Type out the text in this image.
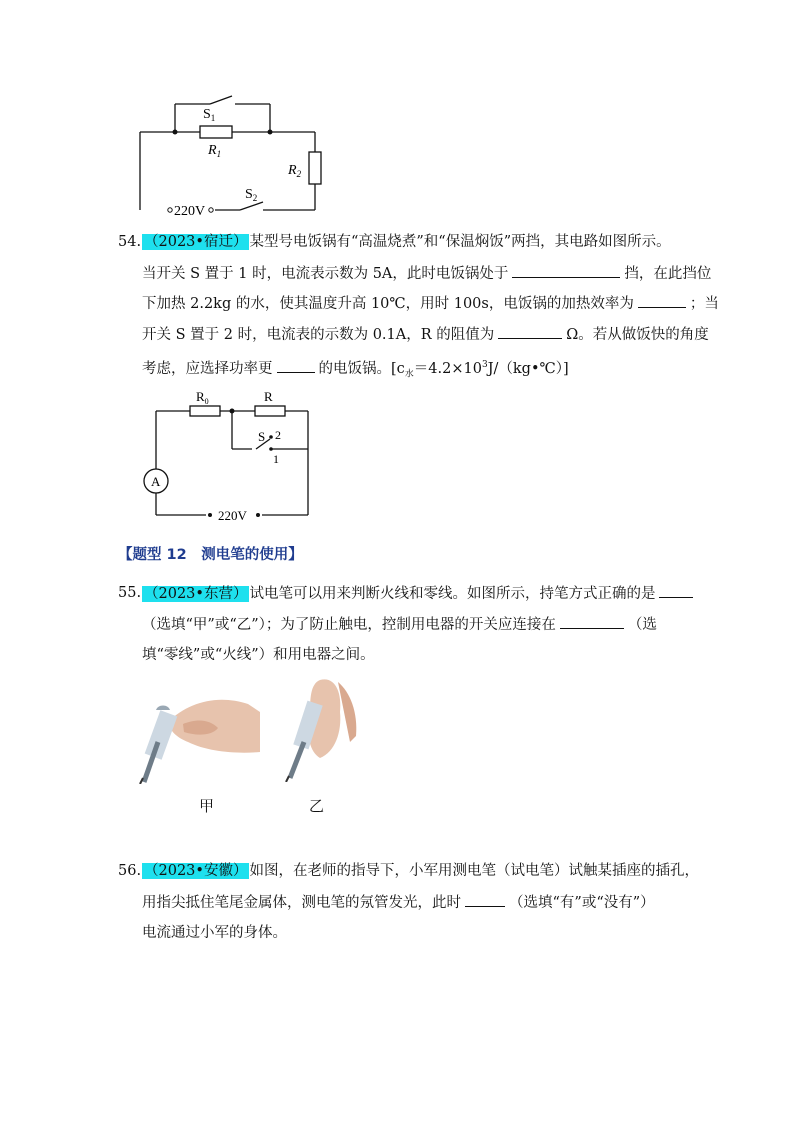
$S_1$
$R_1$
$R_2$
$S_2$
220V
54. （2023•宿迁） 某型号电饭锅有“高温烧煮”和“保温焖饭”两挡，其电路如图所示。
当开关 S 置于 1 时，电流表示数为 5A，此时电饭锅处于	挡，在此挡位
下加热 2.2kg 的水，使其温度升高 10℃，用时 100s，电饭锅的加热效率为	；当
开关 S 置于 2 时，电流表的示数为 0.1A，R 的阻值为	Ω。若从做饭快的角度
考虑，应选择功率更	的电饭锅。$[c_水=4.2\times 10^3J/(kg•℃)]$
A
$R_0$	R
S 2
1
220V
【题型 12　测电笔的使用】
55. （2023•东营） 试电笔可以用来判断火线和零线。如图所示，持笔方式正确的是
（选填“甲”或“乙”）；为了防止触电，控制用电器的开关应连接在	（选
填“零线”或“火线”）和用电器之间。
甲	乙
56. （2023•安徽） 如图，在老师的指导下，小军用测电笔（试电笔）试触某插座的插孔，
用指尖抵住笔尾金属体，测电笔的氖管发光，此时	（选填“有”或“没有”）
电流通过小军的身体。
